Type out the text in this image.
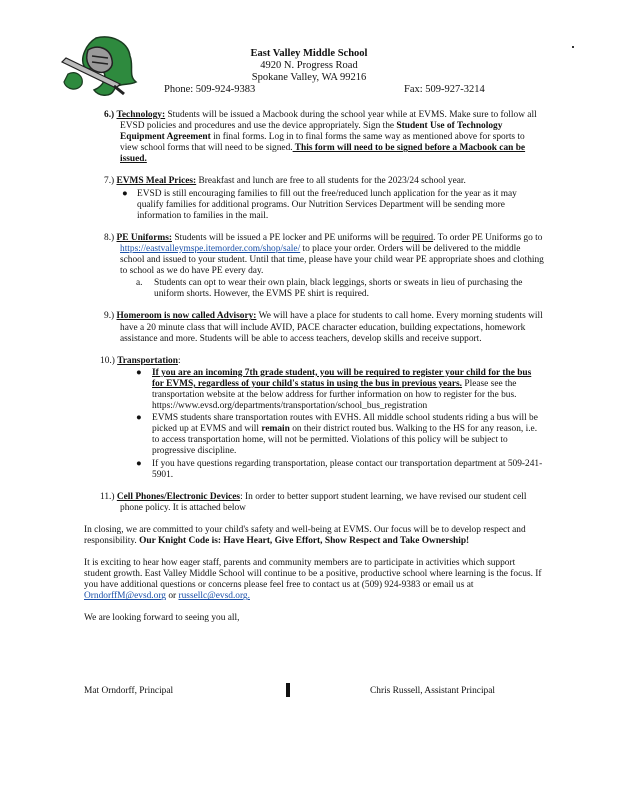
East Valley Middle School
4920 N. Progress Road
Spokane Valley, WA 99216
Phone: 509-924-9383	Fax: 509-927-3214
6.) Technology: Students will be issued a Macbook during the school year while at EVMS. Make sure to follow all EVSD policies and procedures and use the device appropriately. Sign the Student Use of Technology Equipment Agreement in final forms. Log in to final forms the same way as mentioned above for sports to view school forms that will need to be signed. This form will need to be signed before a Macbook can be issued.
7.) EVMS Meal Prices: Breakfast and lunch are free to all students for the 2023/24 school year.
● EVSD is still encouraging families to fill out the free/reduced lunch application for the year as it may qualify families for additional programs. Our Nutrition Services Department will be sending more information to families in the mail.
8.) PE Uniforms: Students will be issued a PE locker and PE uniforms will be required. To order PE Uniforms go to https://eastvalleymspe.itemorder.com/shop/sale/ to place your order. Orders will be delivered to the middle school and issued to your student. Until that time, please have your child wear PE appropriate shoes and clothing to school as we do have PE every day.
a. Students can opt to wear their own plain, black leggings, shorts or sweats in lieu of purchasing the uniform shorts. However, the EVMS PE shirt is required.
9.) Homeroom is now called Advisory: We will have a place for students to call home. Every morning students will have a 20 minute class that will include AVID, PACE character education, building expectations, homework assistance and more. Students will be able to access teachers, develop skills and receive support.
10.) Transportation:
● If you are an incoming 7th grade student, you will be required to register your child for the bus for EVMS, regardless of your child's status in using the bus in previous years. Please see the transportation website at the below address for further information on how to register for the bus.
https://www.evsd.org/departments/transportation/school_bus_registration
● EVMS students share transportation routes with EVHS. All middle school students riding a bus will be picked up at EVMS and will remain on their district routed bus. Walking to the HS for any reason, i.e. to access transportation home, will not be permitted. Violations of this policy will be subject to progressive discipline.
● If you have questions regarding transportation, please contact our transportation department at 509-241-5901.
11.) Cell Phones/Electronic Devices: In order to better support student learning, we have revised our student cell phone policy. It is attached below
In closing, we are committed to your child's safety and well-being at EVMS. Our focus will be to develop respect and responsibility. Our Knight Code is: Have Heart, Give Effort, Show Respect and Take Ownership!
It is exciting to hear how eager staff, parents and community members are to participate in activities which support student growth. East Valley Middle School will continue to be a positive, productive school where learning is the focus. If you have additional questions or concerns please feel free to contact us at (509) 924-9383 or email us at OrndorffM@evsd.org or russellc@evsd.org.
We are looking forward to seeing you all,
Mat Orndorff, Principal	Chris Russell, Assistant Principal
